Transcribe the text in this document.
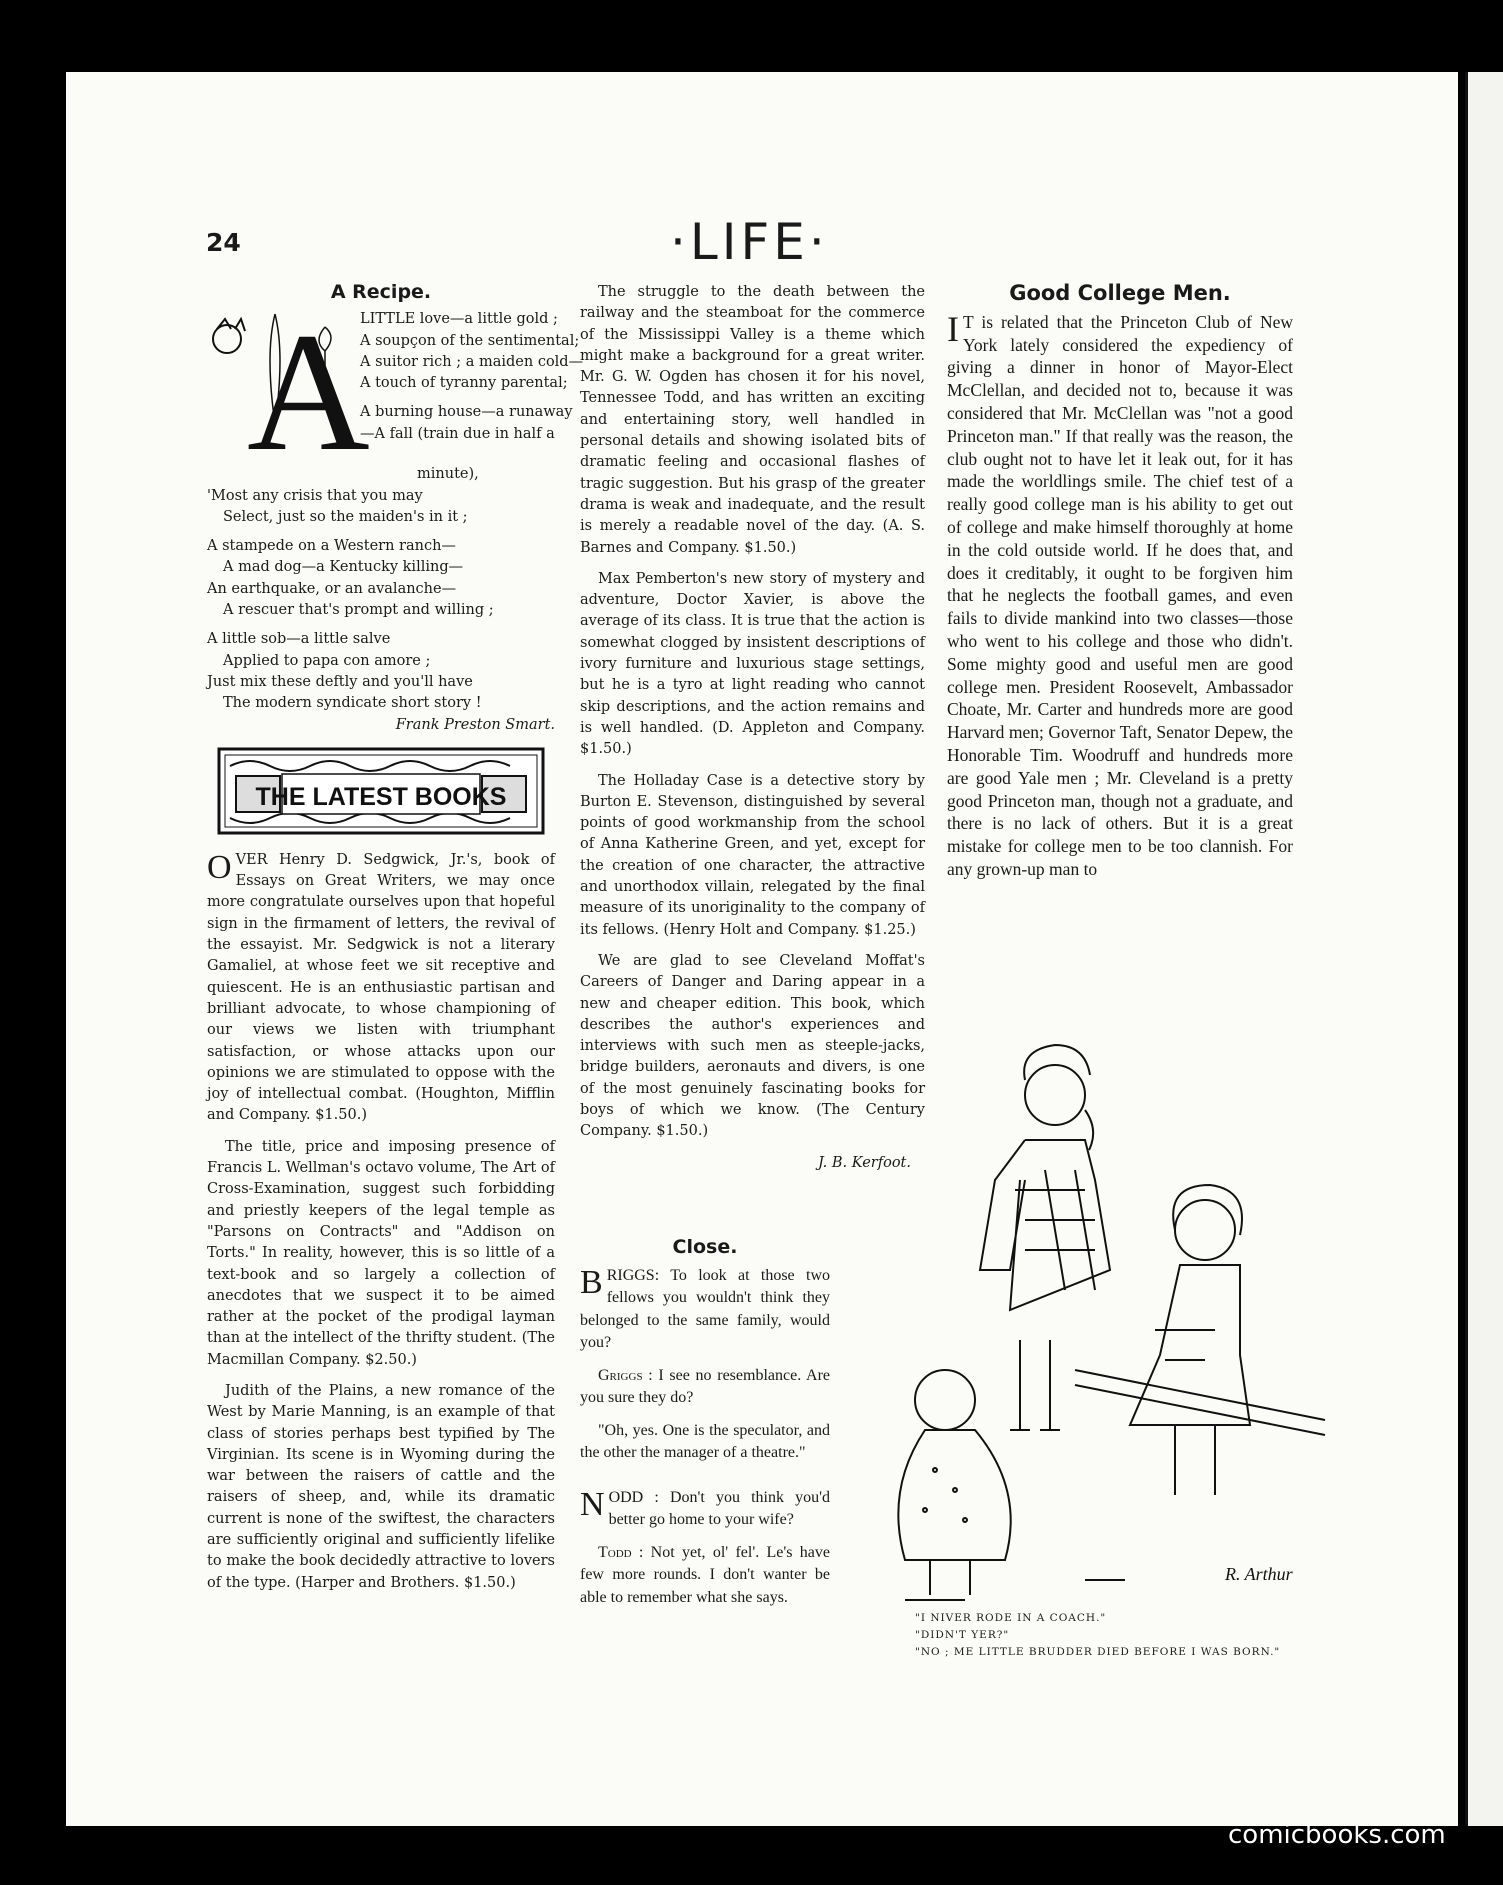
24	·LIFE·
A Recipe.
A
LITTLE love—a little gold ;
A soupçon of the sentimental;
A suitor rich ; a maiden cold—
A touch of tyranny parental;
A burning house—a runaway
—A fall (train due in half a
minute),
'Most any crisis that you may
Select, just so the maiden's in it ;
A stampede on a Western ranch—
A mad dog—a Kentucky killing—
An earthquake, or an avalanche—
A rescuer that's prompt and willing ;
A little sob—a little salve
Applied to papa con amore ;
Just mix these deftly and you'll have
The modern syndicate short story !
Frank Preston Smart.
THE LATEST BOOKS

OVER Henry D. Sedgwick, Jr.'s, book of Essays on Great Writers, we may once more congratulate ourselves upon that hopeful sign in the firmament of letters, the revival of the essayist. Mr. Sedgwick is not a literary Gamaliel, at whose feet we sit receptive and quiescent. He is an enthusiastic partisan and brilliant advocate, to whose championing of our views we listen with triumphant satisfaction, or whose attacks upon our opinions we are stimulated to oppose with the joy of intellectual combat. (Houghton, Mifflin and Company. $1.50.)

The title, price and imposing presence of Francis L. Wellman's octavo volume, The Art of Cross-Examination, suggest such forbidding and priestly keepers of the legal temple as "Parsons on Contracts" and "Addison on Torts." In reality, however, this is so little of a text-book and so largely a collection of anecdotes that we suspect it to be aimed rather at the pocket of the prodigal layman than at the intellect of the thrifty student. (The Macmillan Company. $2.50.)

Judith of the Plains, a new romance of the West by Marie Manning, is an example of that class of stories perhaps best typified by The Virginian. Its scene is in Wyoming during the war between the raisers of cattle and the raisers of sheep, and, while its dramatic current is none of the swiftest, the characters are sufficiently original and sufficiently lifelike to make the book decidedly attractive to lovers of the type. (Harper and Brothers. $1.50.)

The struggle to the death between the railway and the steamboat for the commerce of the Mississippi Valley is a theme which might make a background for a great writer. Mr. G. W. Ogden has chosen it for his novel, Tennessee Todd, and has written an exciting and entertaining story, well handled in personal details and showing isolated bits of dramatic feeling and occasional flashes of tragic suggestion. But his grasp of the greater drama is weak and inadequate, and the result is merely a readable novel of the day. (A. S. Barnes and Company. $1.50.)

Max Pemberton's new story of mystery and adventure, Doctor Xavier, is above the average of its class. It is true that the action is somewhat clogged by insistent descriptions of ivory furniture and luxurious stage settings, but he is a tyro at light reading who cannot skip descriptions, and the action remains and is well handled. (D. Appleton and Company. $1.50.)

The Holladay Case is a detective story by Burton E. Stevenson, distinguished by several points of good workmanship from the school of Anna Katherine Green, and yet, except for the creation of one character, the attractive and unorthodox villain, relegated by the final measure of its unoriginality to the company of its fellows. (Henry Holt and Company. $1.25.)

We are glad to see Cleveland Moffat's Careers of Danger and Daring appear in a new and cheaper edition. This book, which describes the author's experiences and interviews with such men as steeple-jacks, bridge builders, aeronauts and divers, is one of the most genuinely fascinating books for boys of which we know. (The Century Company. $1.50.)

J. B. Kerfoot.
Close.

BRIGGS: To look at those two fellows you wouldn't think they belonged to the same family, would you?

Griggs : I see no resemblance. Are you sure they do?

"Oh, yes. One is the speculator, and the other the manager of a theatre."

NODD : Don't you think you'd better go home to your wife?

Todd : Not yet, ol' fel'. Le's have few more rounds. I don't wanter be able to remember what she says.

Good College Men.

I T is related that the Princeton Club of New York lately considered the expediency of giving a dinner in honor of Mayor-Elect McClellan, and decided not to, because it was considered that Mr. McClellan was "not a good Princeton man." If that really was the reason, the club ought not to have let it leak out, for it has made the worldlings smile. The chief test of a really good college man is his ability to get out of college and make himself thoroughly at home in the cold outside world. If he does that, and does it creditably, it ought to be forgiven him that he neglects the football games, and even fails to divide mankind into two classes—those who went to his college and those who didn't. Some mighty good and useful men are good college men. President Roosevelt, Ambassador Choate, Mr. Carter and hundreds more are good Harvard men; Governor Taft, Senator Depew, the Honorable Tim. Woodruff and hundreds more are good Yale men ; Mr. Cleveland is a pretty good Princeton man, though not a graduate, and there is no lack of others. But it is a great mistake for college men to be too clannish. For any grown-up man to

R. Arthur
"I NIVER RODE IN A COACH."
"DIDN'T YER?"
"NO ; ME LITTLE BRUDDER DIED BEFORE I WAS BORN."
comicbooks.com
